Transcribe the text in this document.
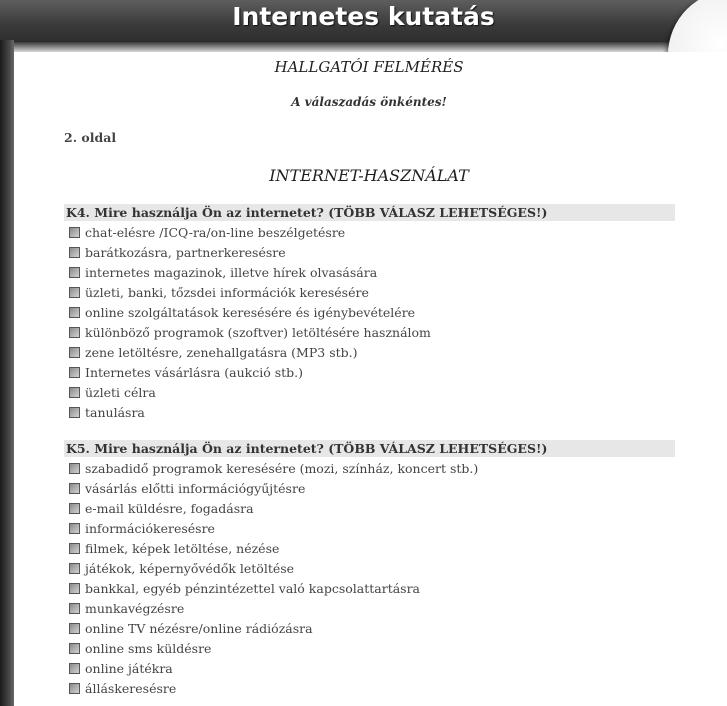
Internetes kutatás
HALLGATÓI FELMÉRÉS
A válaszadás önkéntes!
2. oldal
INTERNET-HASZNÁLAT
K4. Mire használja Ön az internetet? (TÖBB VÁLASZ LEHETSÉGES!)
chat-elésre /ICQ-ra/on-line beszélgetésre
barátkozásra, partnerkeresésre
internetes magazinok, illetve hírek olvasására
üzleti, banki, tőzsdei információk keresésére
online szolgáltatások keresésére és igénybevételére
különböző programok (szoftver) letöltésére használom
zene letöltésre, zenehallgatásra (MP3 stb.)
Internetes vásárlásra (aukció stb.)
üzleti célra
tanulásra
K5. Mire használja Ön az internetet? (TÖBB VÁLASZ LEHETSÉGES!)
szabadidő programok keresésére (mozi, színház, koncert stb.)
vásárlás előtti információgyűjtésre
e-mail küldésre, fogadásra
információkeresésre
filmek, képek letöltése, nézése
játékok, képernyővédők letöltése
bankkal, egyéb pénzintézettel való kapcsolattartásra
munkavégzésre
online TV nézésre/online rádiózásra
online sms küldésre
online játékra
álláskeresésre
